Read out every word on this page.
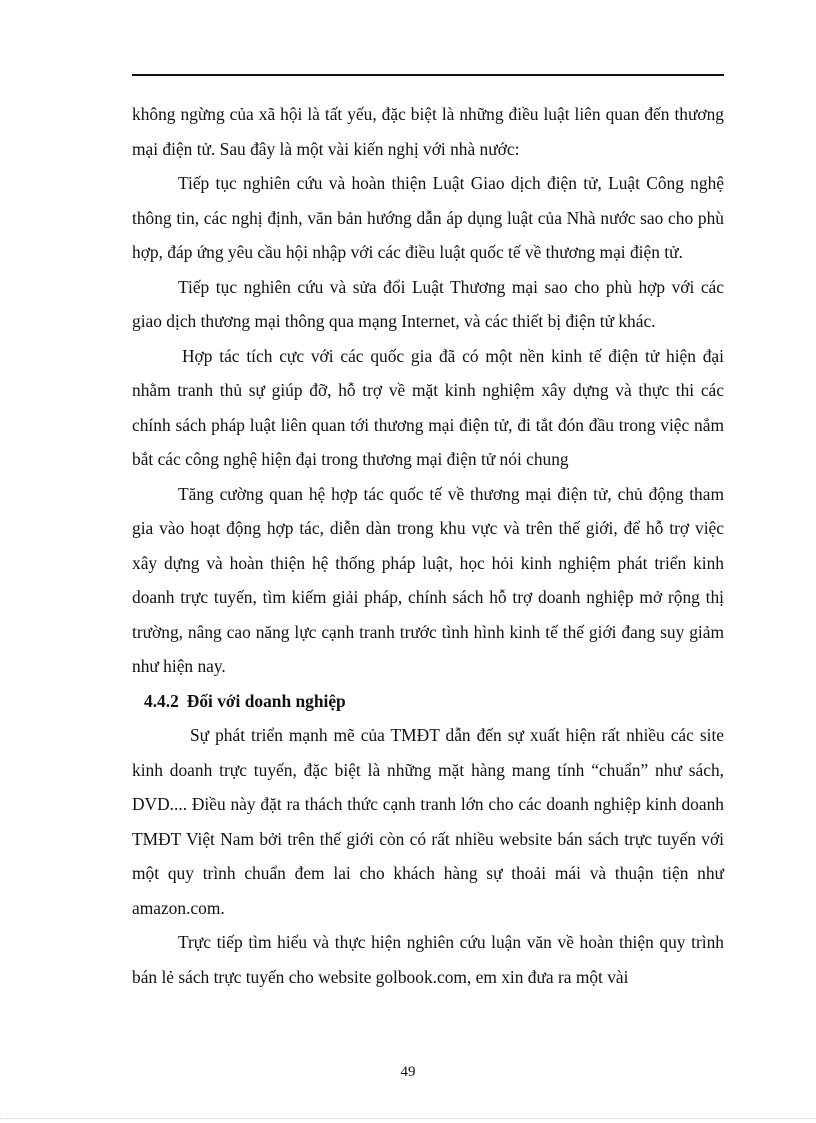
không ngừng của xã hội là tất yếu, đặc biệt là những điều luật liên quan đến thương mại điện tử. Sau đây là một vài kiến nghị với nhà nước:

Tiếp tục nghiên cứu và hoàn thiện Luật Giao dịch điện tử, Luật Công nghệ thông tin, các nghị định, văn bản hướng dẫn áp dụng luật của Nhà nước sao cho phù hợp, đáp ứng yêu cầu hội nhập với các điều luật quốc tế về thương mại điện tử.

Tiếp tục nghiên cứu và sửa đổi Luật Thương mại sao cho phù hợp với các giao dịch thương mại thông qua mạng Internet, và các thiết bị điện tử khác.

Hợp tác tích cực với các quốc gia đã có một nền kinh tế điện tử hiện đại nhằm tranh thủ sự giúp đỡ, hỗ trợ về mặt kinh nghiệm xây dựng và thực thi các chính sách pháp luật liên quan tới thương mại điện tử, đi tắt đón đầu trong việc nắm bắt các công nghệ hiện đại trong thương mại điện tử nói chung

Tăng cường quan hệ hợp tác quốc tế về thương mại điện tử, chủ động tham gia vào hoạt động hợp tác, diễn dàn trong khu vực và trên thế giới, để hỗ trợ việc xây dựng và hoàn thiện hệ thống pháp luật, học hỏi kinh nghiệm phát triển kinh doanh trực tuyến, tìm kiếm giải pháp, chính sách hỗ trợ doanh nghiệp mở rộng thị trường, nâng cao năng lực cạnh tranh trước tình hình kinh tế thế giới đang suy giảm như hiện nay.

4.4.2 Đối với doanh nghiệp

Sự phát triển mạnh mẽ của TMĐT dẫn đến sự xuất hiện rất nhiều các site kinh doanh trực tuyến, đặc biệt là những mặt hàng mang tính “chuẩn” như sách, DVD.... Điều này đặt ra thách thức cạnh tranh lớn cho các doanh nghiệp kinh doanh TMĐT Việt Nam bởi trên thế giới còn có rất nhiều website bán sách trực tuyến với một quy trình chuẩn đem lai cho khách hàng sự thoải mái và thuận tiện như amazon.com.

Trực tiếp tìm hiểu và thực hiện nghiên cứu luận văn về hoàn thiện quy trình bán lẻ sách trực tuyến cho website golbook.com, em xin đưa ra một vài

49
